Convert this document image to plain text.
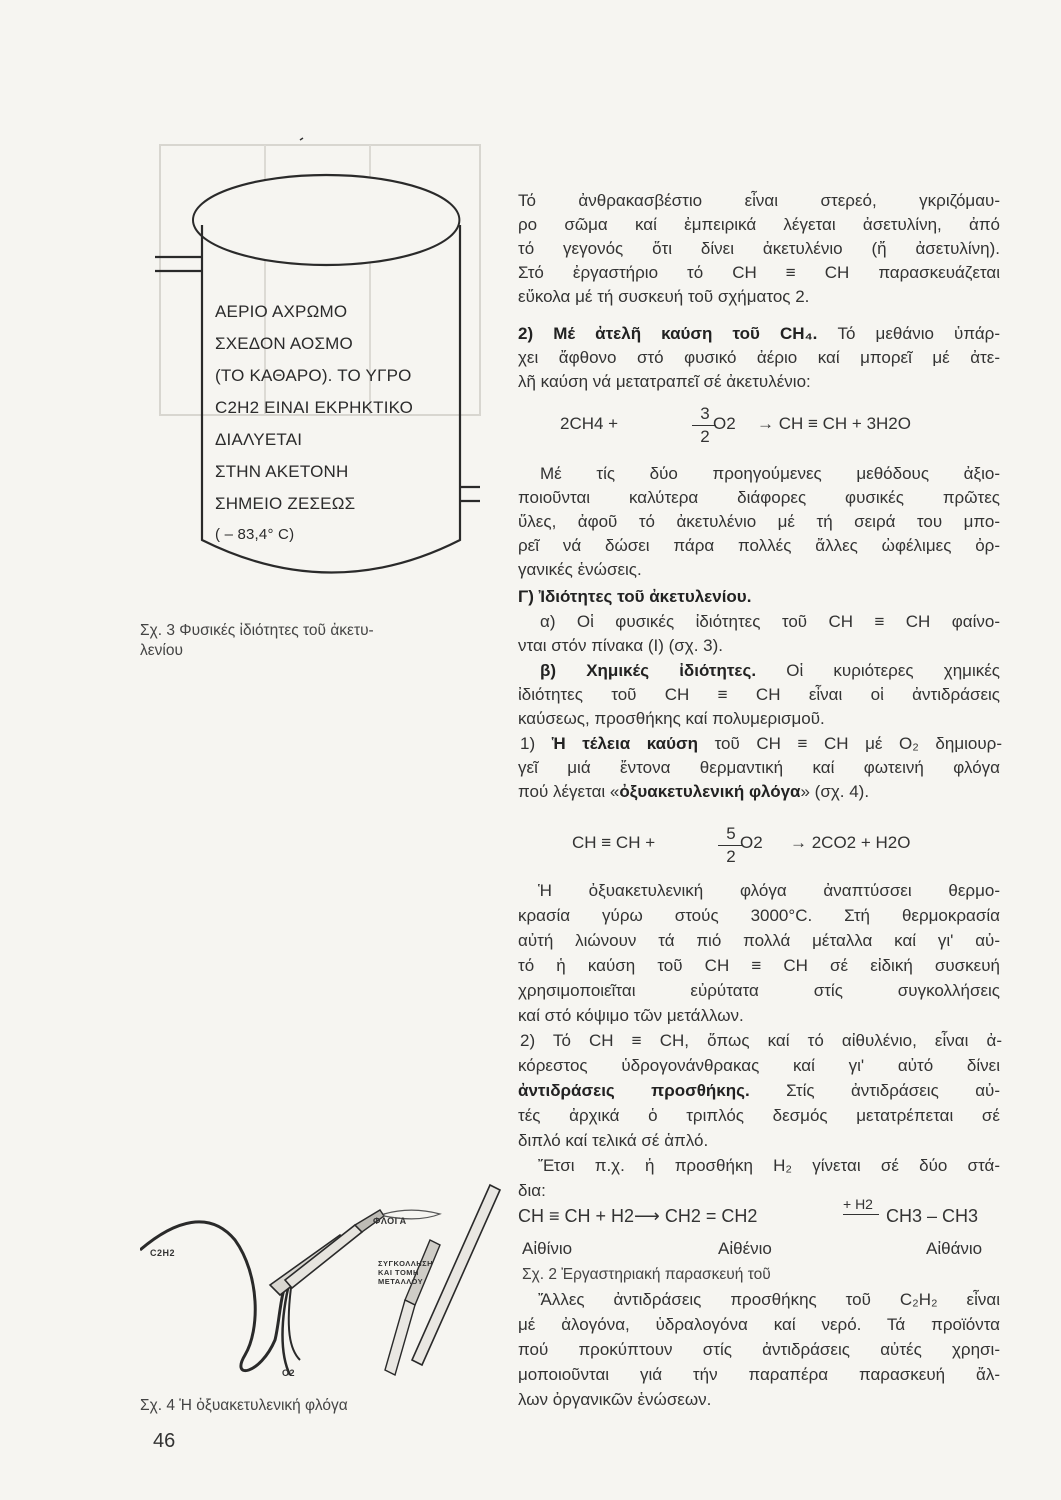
ΑΕΡΙΟ ΑΧΡΩΜΟ
ΣΧΕΔΟΝ ΑΟΣΜΟ
(ΤΟ ΚΑΘΑΡΟ). ΤΟ ΥΓΡΟ
C2H2 ΕΙΝΑΙ ΕΚΡΗΚΤΙΚΟ
ΔΙΑΛΥΕΤΑΙ
ΣΤΗΝ ΑΚΕΤΟΝΗ
ΣΗΜΕΙΟ ΖΕΣΕΩΣ
( – 83,4° C)
Σχ. 3 Φυσικές ἰδιότητες τοῦ ἀκετυ-
λενίου
C2H2
O2
ΦΛΟΓΑ
ΣΥΓΚΟΛΛΗΣΗ
ΚΑΙ ΤΟΜΗ
ΜΕΤΑΛΛΟΥ
Σχ. 4 Ἡ ὀξυακετυλενική φλόγα
46
Τό ἀνθρακασβέστιο εἶναι στερεό, γκριζόμαυ-
ρο σῶμα καί ἐμπειρικά λέγεται ἀσετυλίνη, ἀπό
τό γεγονός ὅτι δίνει ἀκετυλένιο (ἤ ἀσετυλίνη).
Στό ἐργαστήριο τό CH ≡ CH παρασκευάζεται
εὔκολα μέ τή συσκευή τοῦ σχήματος 2.
2) Μέ ἀτελῆ καύση τοῦ CH₄. Τό μεθάνιο ὑπάρ-
χει ἄφθονο στό φυσικό ἀέριο καί μπορεῖ μέ ἀτε-
λῆ καύση νά μετατραπεῖ σέ ἀκετυλένιο:
2CH4 +
3
2
O2 → CH ≡ CH + 3H2O
Μέ τίς δύο προηγούμενες μεθόδους ἀξιο-
ποιοῦνται καλύτερα διάφορες φυσικές πρῶτες
ὕλες, ἀφοῦ τό ἀκετυλένιο μέ τή σειρά του μπο-
ρεῖ νά δώσει πάρα πολλές ἄλλες ὠφέλιμες ὀρ-
γανικές ἑνώσεις.
Γ) Ἰδιότητες τοῦ ἀκετυλενίου.
α) Οἱ φυσικές ἰδιότητες τοῦ CH ≡ CH φαίνο-
νται στόν πίνακα (Ι) (σχ. 3).
β) Χημικές ἰδιότητες. Οἱ κυριότερες χημικές
ἰδιότητες τοῦ CH ≡ CH εἶναι οἱ ἀντιδράσεις
καύσεως, προσθήκης καί πολυμερισμοῦ.
1) Ἡ τέλεια καύση τοῦ CH ≡ CH μέ O₂ δημιουρ-
γεῖ μιά ἔντονα θερμαντική καί φωτεινή φλόγα
πού λέγεται «ὀξυακετυλενική φλόγα» (σχ. 4).
CH ≡ CH +	5
2
O2 → 2CO2 + H2O
Ἡ ὀξυακετυλενική φλόγα ἀναπτύσσει θερμο-
κρασία γύρω στούς 3000°C. Στή θερμοκρασία
αὐτή λιώνουν τά πιό πολλά μέταλλα καί γι' αὐ-
τό ἡ καύση τοῦ CH ≡ CH σέ εἰδική συσκευή
χρησιμοποιεῖται εὐρύτατα στίς συγκολλήσεις
καί στό κόψιμο τῶν μετάλλων.
2) Τό CH ≡ CH, ὅπως καί τό αἰθυλένιο, εἶναι ἀ-
κόρεστος ὑδρογονάνθρακας καί γι' αὐτό δίνει
ἀντιδράσεις προσθήκης. Στίς ἀντιδράσεις αὐ-
τές ἀρχικά ὁ τριπλός δεσμός μετατρέπεται σέ
διπλό καί τελικά σέ ἁπλό.
Ἔτσι π.χ. ἡ προσθήκη H₂ γίνεται σέ δύο στά-
δια:
CH ≡ CH + H2⟶ CH2 = CH2
+ H2
CH3 – CH3
Αἰθίνιο	Αἰθένιο	Αἰθάνιο
Σχ. 2 Ἐργαστηριακή παρασκευή τοῦ
Ἄλλες ἀντιδράσεις προσθήκης τοῦ C₂H₂ εἶναι
μέ ἀλογόνα, ὑδραλογόνα καί νερό. Τά προϊόντα
πού προκύπτουν στίς ἀντιδράσεις αὐτές χρησι-
μοποιοῦνται γιά τήν παραπέρα παρασκευή ἄλ-
λων ὀργανικῶν ἑνώσεων.
